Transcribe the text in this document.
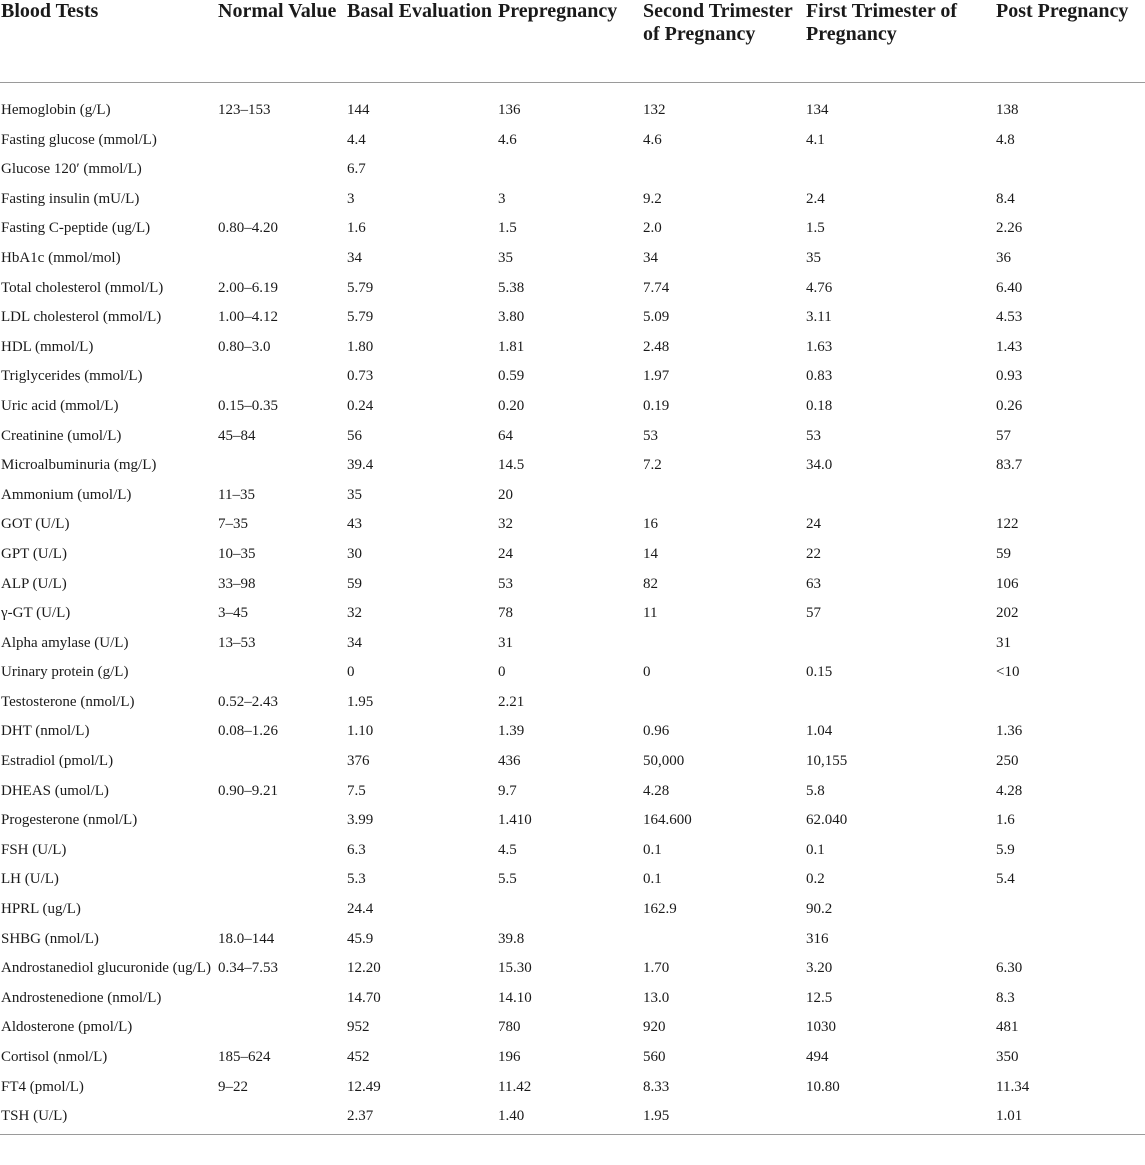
Blood Tests	Normal Value	Basal Evaluation	Prepregnancy	Second Trimester of Pregnancy	First Trimester of Pregnancy	Post Pregnancy
Hemoglobin (g/L)	123–153	144	136	132	134	138
Fasting glucose (mmol/L)		4.4	4.6	4.6	4.1	4.8
Glucose 120′ (mmol/L)		6.7				
Fasting insulin (mU/L)		3	3	9.2	2.4	8.4
Fasting C-peptide (ug/L)	0.80–4.20	1.6	1.5	2.0	1.5	2.26
HbA1c (mmol/mol)		34	35	34	35	36
Total cholesterol (mmol/L)	2.00–6.19	5.79	5.38	7.74	4.76	6.40
LDL cholesterol (mmol/L)	1.00–4.12	5.79	3.80	5.09	3.11	4.53
HDL (mmol/L)	0.80–3.0	1.80	1.81	2.48	1.63	1.43
Triglycerides (mmol/L)		0.73	0.59	1.97	0.83	0.93
Uric acid (mmol/L)	0.15–0.35	0.24	0.20	0.19	0.18	0.26
Creatinine (umol/L)	45–84	56	64	53	53	57
Microalbuminuria (mg/L)		39.4	14.5	7.2	34.0	83.7
Ammonium (umol/L)	11–35	35	20			
GOT (U/L)	7–35	43	32	16	24	122
GPT (U/L)	10–35	30	24	14	22	59
ALP (U/L)	33–98	59	53	82	63	106
γ-GT (U/L)	3–45	32	78	11	57	202
Alpha amylase (U/L)	13–53	34	31			31
Urinary protein (g/L)		0	0	0	0.15	<10
Testosterone (nmol/L)	0.52–2.43	1.95	2.21			
DHT (nmol/L)	0.08–1.26	1.10	1.39	0.96	1.04	1.36
Estradiol (pmol/L)		376	436	50,000	10,155	250
DHEAS (umol/L)	0.90–9.21	7.5	9.7	4.28	5.8	4.28
Progesterone (nmol/L)		3.99	1.410	164.600	62.040	1.6
FSH (U/L)		6.3	4.5	0.1	0.1	5.9
LH (U/L)		5.3	5.5	0.1	0.2	5.4
HPRL (ug/L)		24.4		162.9	90.2	
SHBG (nmol/L)	18.0–144	45.9	39.8		316	
Androstanediol glucuronide (ug/L)	0.34–7.53	12.20	15.30	1.70	3.20	6.30
Androstenedione (nmol/L)		14.70	14.10	13.0	12.5	8.3
Aldosterone (pmol/L)		952	780	920	1030	481
Cortisol (nmol/L)	185–624	452	196	560	494	350
FT4 (pmol/L)	9–22	12.49	11.42	8.33	10.80	11.34
TSH (U/L)		2.37	1.40	1.95		1.01
